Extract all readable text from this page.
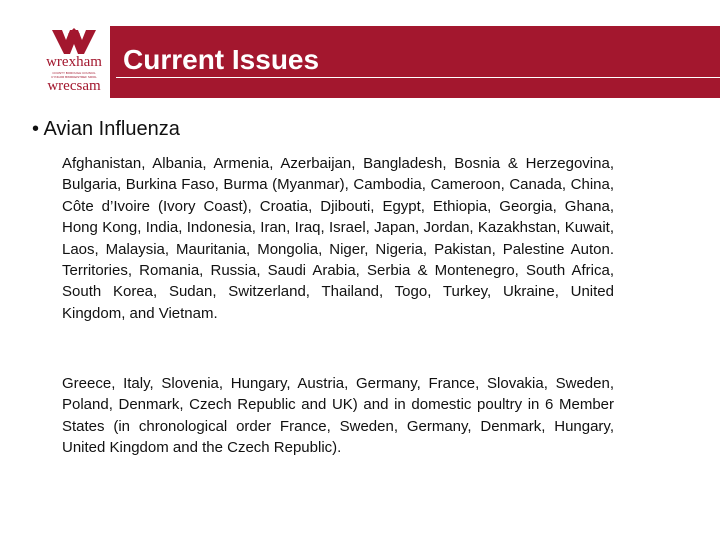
wrexham
COUNTY BOROUGH COUNCIL
CYNGOR BWRDEISTREF SIROL
wrecsam
Current Issues
• Avian Influenza
Afghanistan, Albania, Armenia, Azerbaijan, Bangladesh, Bosnia & Herzegovina, Bulgaria, Burkina Faso, Burma (Myanmar), Cambodia, Cameroon, Canada, China, Côte d’Ivoire (Ivory Coast), Croatia, Djibouti, Egypt, Ethiopia, Georgia, Ghana, Hong Kong, India, Indonesia, Iran, Iraq, Israel, Japan, Jordan, Kazakhstan, Kuwait, Laos, Malaysia, Mauritania, Mongolia, Niger, Nigeria, Pakistan, Palestine Auton. Territories, Romania, Russia, Saudi Arabia, Serbia & Montenegro, South Africa, South Korea, Sudan, Switzerland, Thailand, Togo, Turkey, Ukraine, United Kingdom, and Vietnam.
Greece, Italy, Slovenia, Hungary, Austria, Germany, France, Slovakia, Sweden, Poland, Denmark, Czech Republic and UK) and in domestic poultry in 6 Member States (in chronological order France, Sweden, Germany, Denmark, Hungary, United Kingdom and the Czech Republic).
